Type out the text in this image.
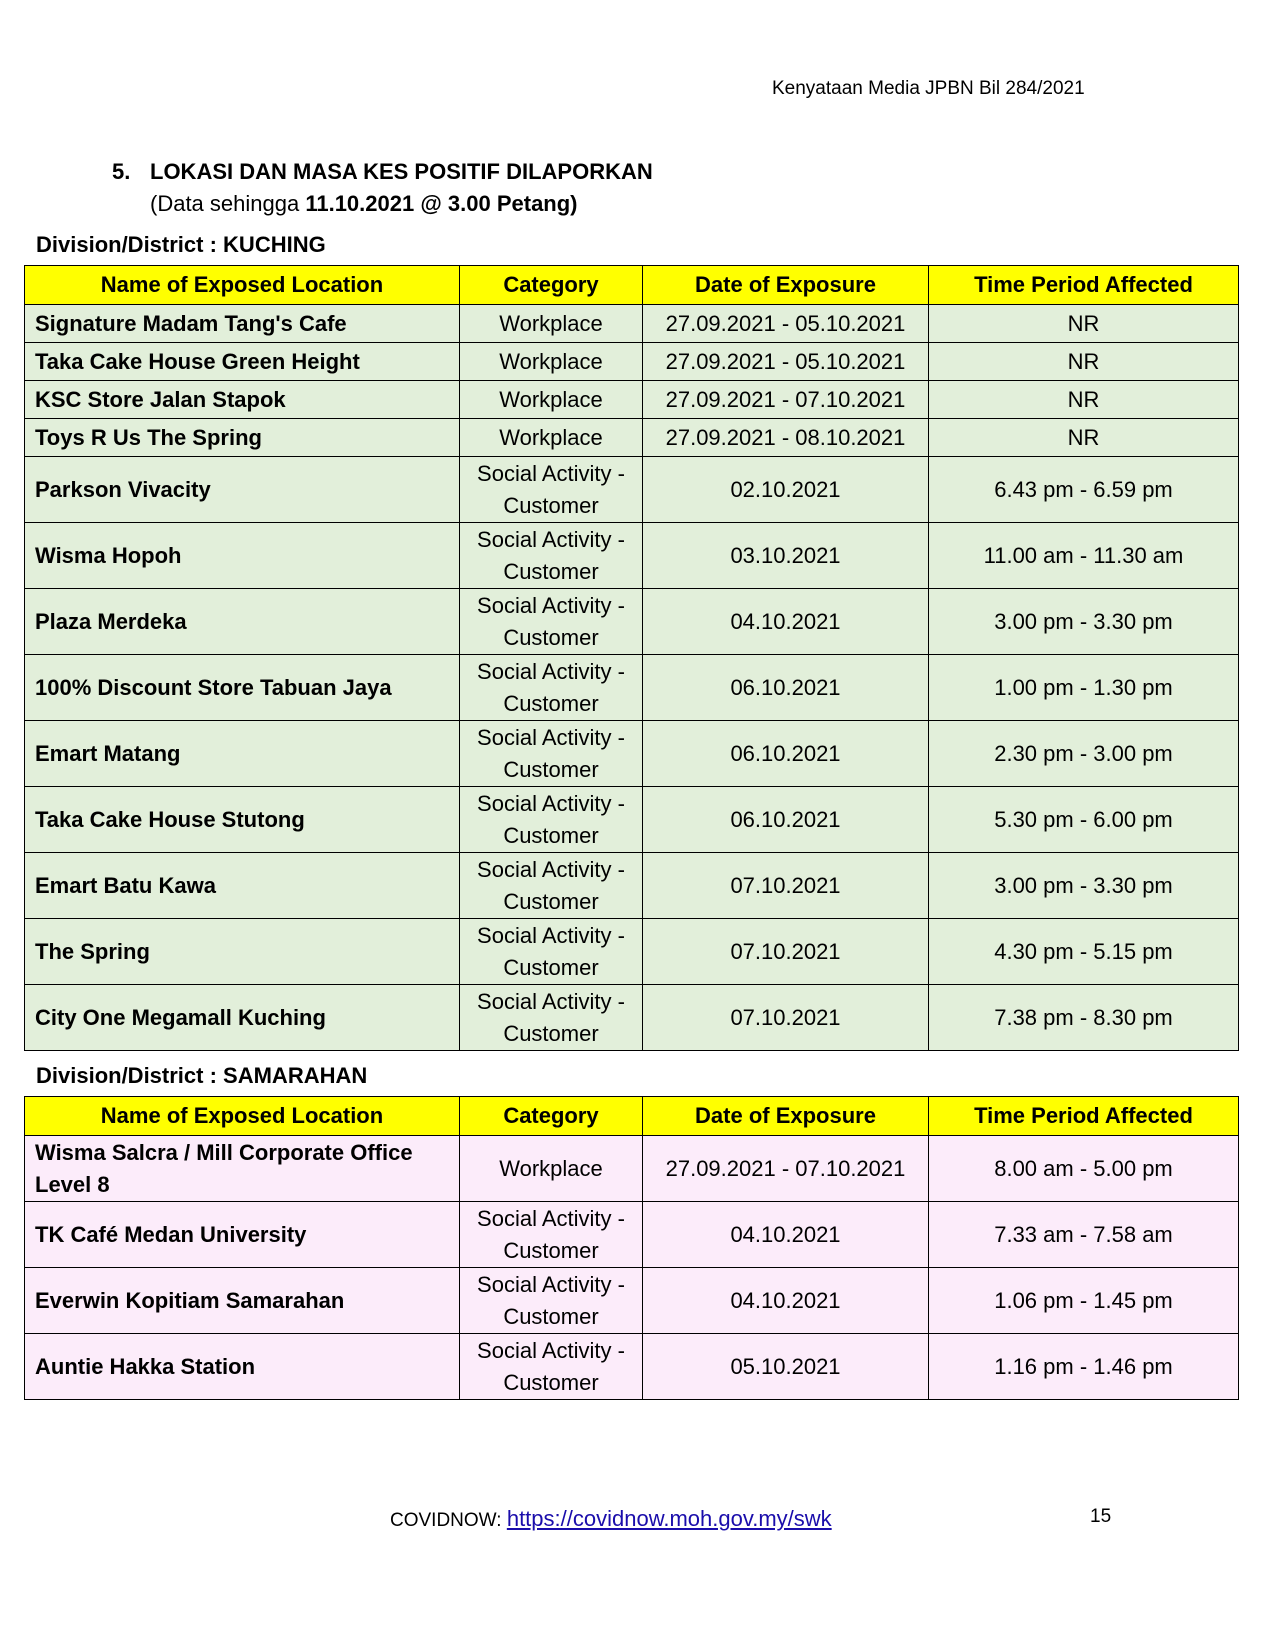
Kenyataan Media JPBN Bil 284/2021
5. LOKASI DAN MASA KES POSITIF DILAPORKAN
(Data sehingga 11.10.2021 @ 3.00 Petang)
Division/District : KUCHING
Name of Exposed Location	Category	Date of Exposure	Time Period Affected
Signature Madam Tang's Cafe	Workplace	27.09.2021 - 05.10.2021	NR
Taka Cake House Green Height	Workplace	27.09.2021 - 05.10.2021	NR
KSC Store Jalan Stapok	Workplace	27.09.2021 - 07.10.2021	NR
Toys R Us The Spring	Workplace	27.09.2021 - 08.10.2021	NR
Parkson Vivacity	Social Activity - Customer	02.10.2021	6.43 pm - 6.59 pm
Wisma Hopoh	Social Activity - Customer	03.10.2021	11.00 am - 11.30 am
Plaza Merdeka	Social Activity - Customer	04.10.2021	3.00 pm - 3.30 pm
100% Discount Store Tabuan Jaya	Social Activity - Customer	06.10.2021	1.00 pm - 1.30 pm
Emart Matang	Social Activity - Customer	06.10.2021	2.30 pm - 3.00 pm
Taka Cake House Stutong	Social Activity - Customer	06.10.2021	5.30 pm - 6.00 pm
Emart Batu Kawa	Social Activity - Customer	07.10.2021	3.00 pm - 3.30 pm
The Spring	Social Activity - Customer	07.10.2021	4.30 pm - 5.15 pm
City One Megamall Kuching	Social Activity - Customer	07.10.2021	7.38 pm - 8.30 pm
Division/District : SAMARAHAN
Name of Exposed Location	Category	Date of Exposure	Time Period Affected
Wisma Salcra / Mill Corporate Office Level 8	Workplace	27.09.2021 - 07.10.2021	8.00 am - 5.00 pm
TK Café Medan University	Social Activity - Customer	04.10.2021	7.33 am - 7.58 am
Everwin Kopitiam Samarahan	Social Activity - Customer	04.10.2021	1.06 pm - 1.45 pm
Auntie Hakka Station	Social Activity - Customer	05.10.2021	1.16 pm - 1.46 pm
COVIDNOW: https://covidnow.moh.gov.my/swk	15
